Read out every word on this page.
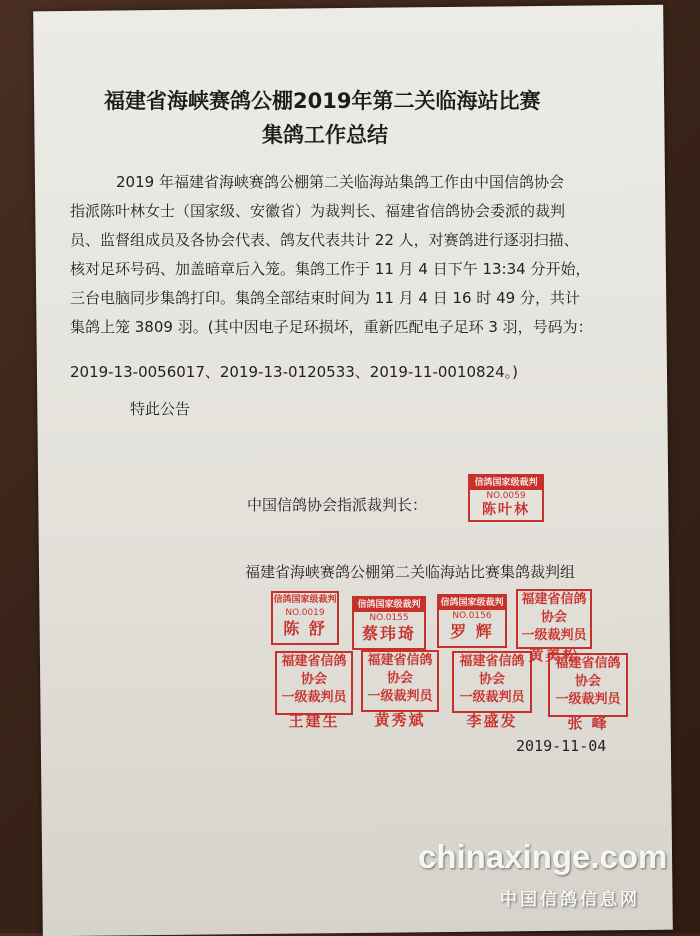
福建省海峡赛鸽公棚2019年第二关临海站比赛
集鸽工作总结
2019 年福建省海峡赛鸽公棚第二关临海站集鸽工作由中国信鸽协会
指派陈叶林女士（国家级、安徽省）为裁判长、福建省信鸽协会委派的裁判
员、监督组成员及各协会代表、鸽友代表共计 22 人，对赛鸽进行逐羽扫描、
核对足环号码、加盖暗章后入笼。集鸽工作于 11 月 4 日下午 13:34 分开始，
三台电脑同步集鸽打印。集鸽全部结束时间为 11 月 4 日 16 时 49 分，共计
集鸽上笼 3809 羽。(其中因电子足环损坏，重新匹配电子足环 3 羽，号码为：
2019-13-0056017、2019-13-0120533、2019-11-0010824。)
特此公告
中国信鸽协会指派裁判长：
信鸽国家级裁判
NO.0059
陈叶林
福建省海峡赛鸽公棚第二关临海站比赛集鸽裁判组
信鸽国家级裁判
NO.0019
陈 舒
信鸽国家级裁判
NO.0155
蔡玮琦
信鸽国家级裁判
NO.0156
罗 辉
福建省信鸽协会
一级裁判员
黄美松
福建省信鸽协会
一级裁判员
王建生
福建省信鸽协会
一级裁判员
黄秀斌
福建省信鸽协会
一级裁判员
李盛发
福建省信鸽协会
一级裁判员
张 峰
2019-11-04
chinaxinge.com
中国信鸽信息网
